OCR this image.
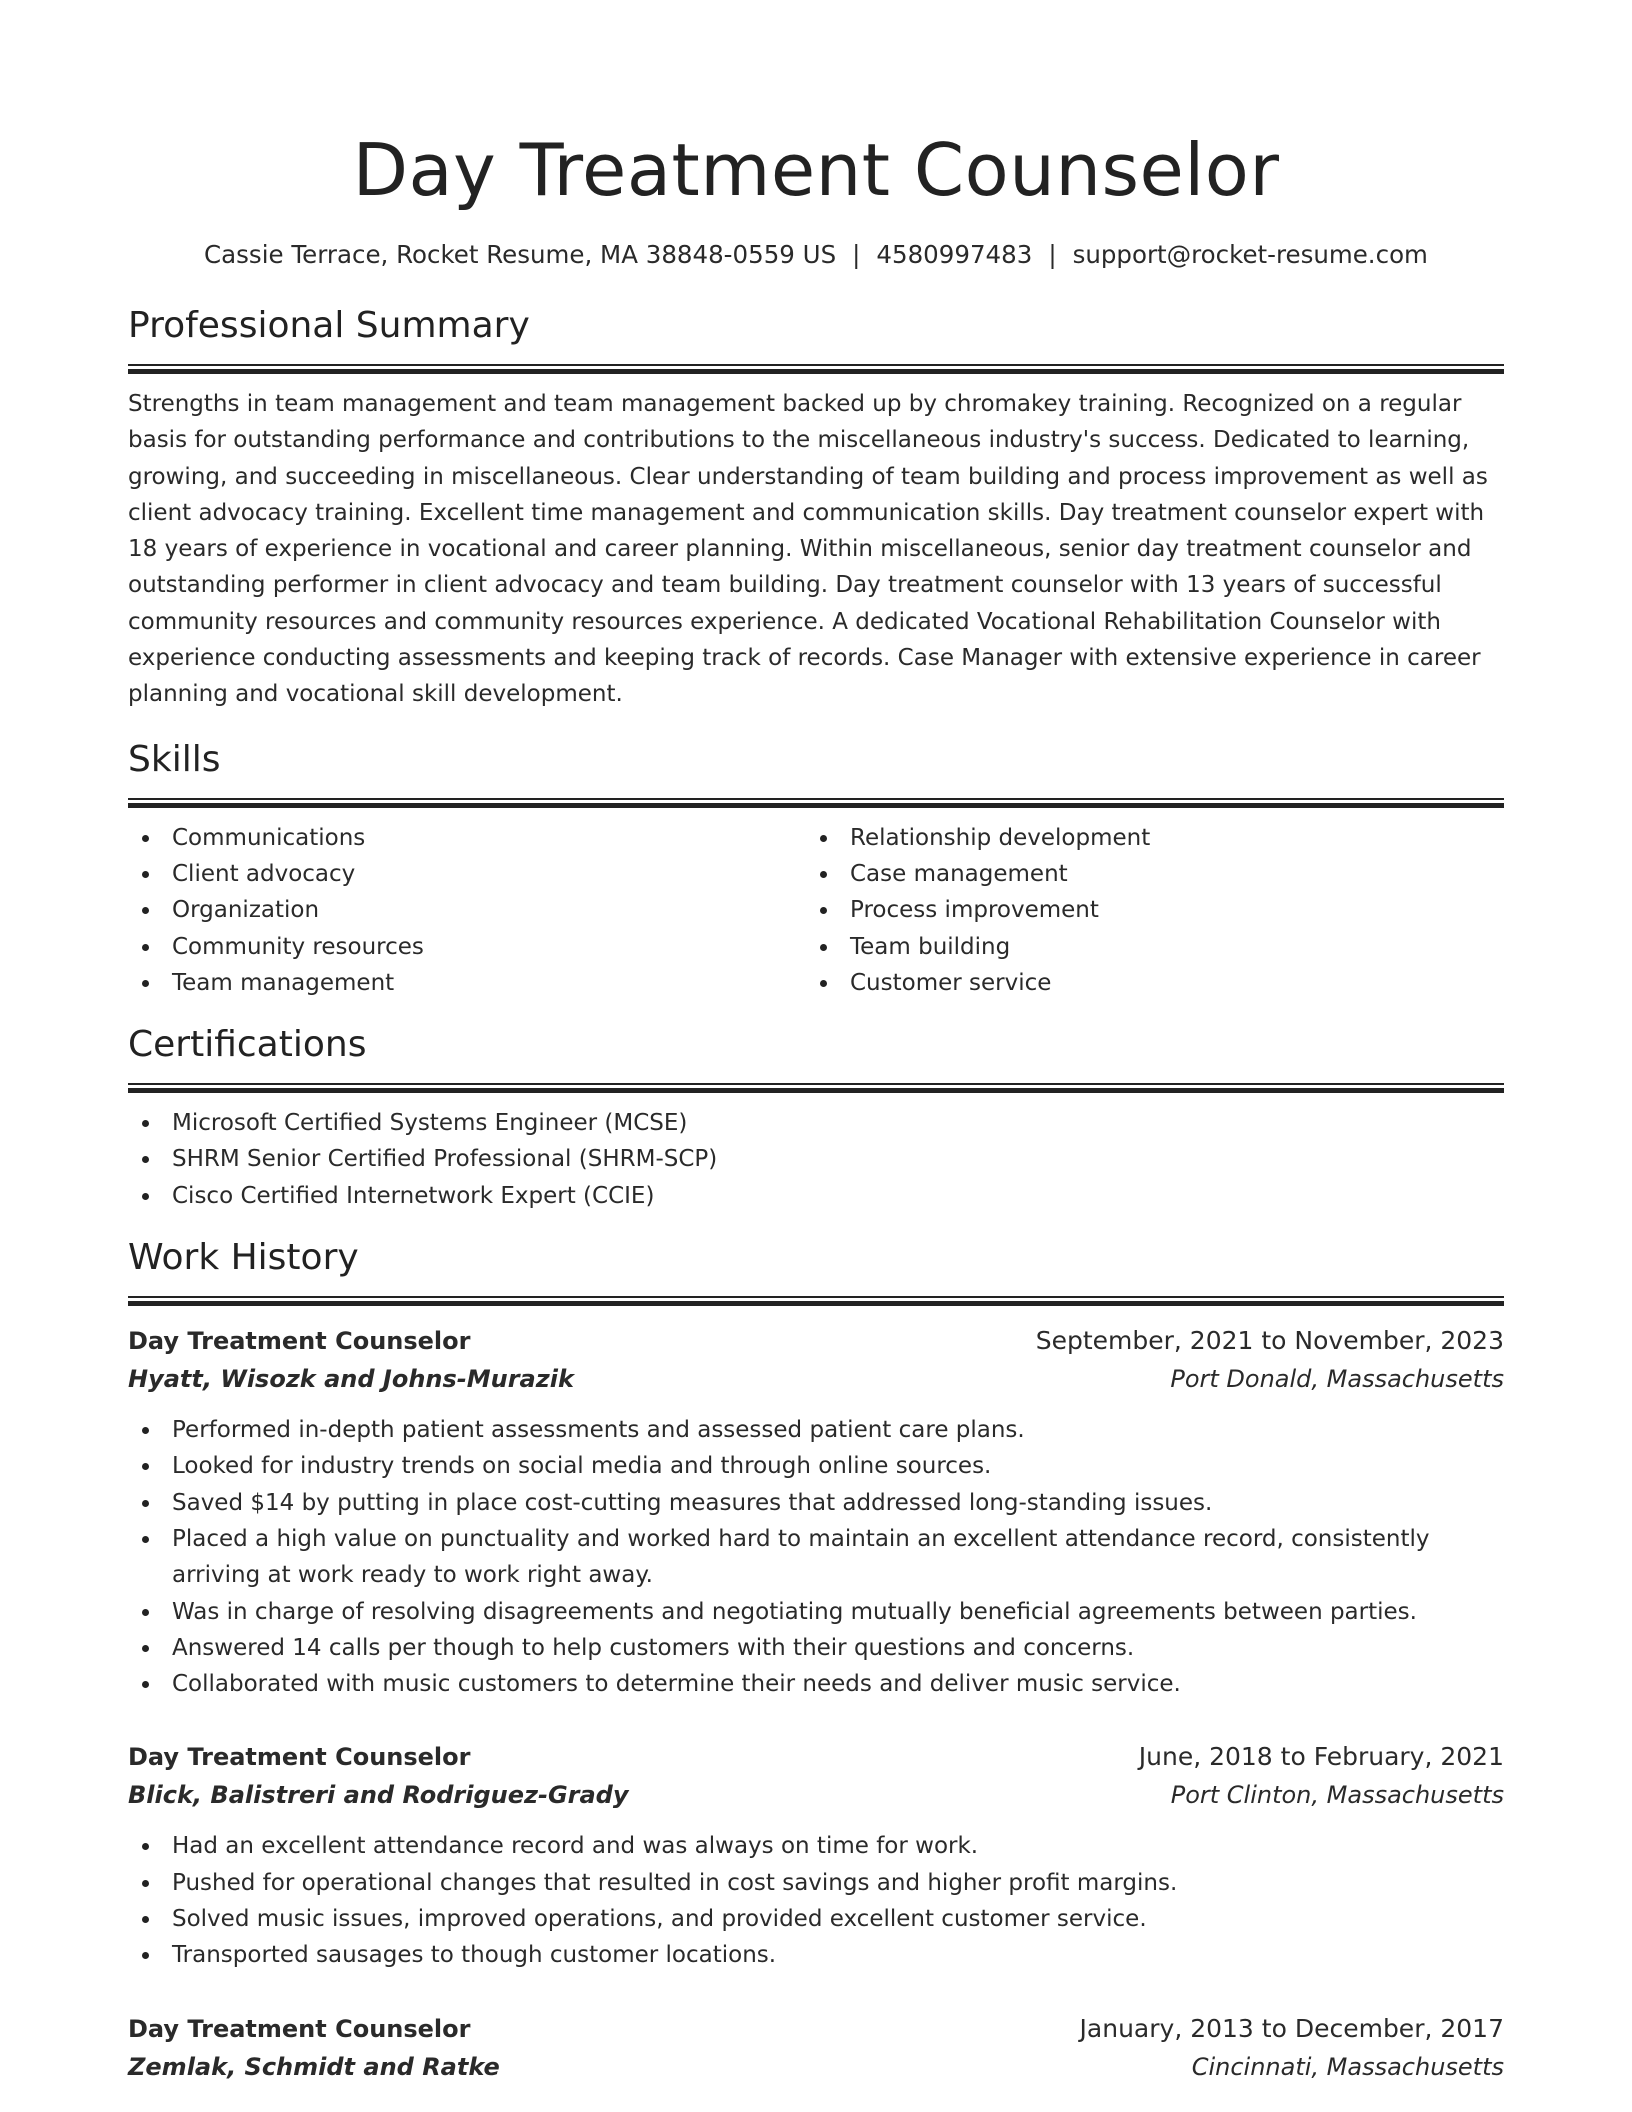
Day Treatment Counselor
Cassie Terrace, Rocket Resume, MA 38848-0559 US | 4580997483 | support@rocket-resume.com
Professional Summary

Strengths in team management and team management backed up by chromakey training. Recognized on a regular basis for outstanding performance and contributions to the miscellaneous industry's success. Dedicated to learning, growing, and succeeding in miscellaneous. Clear understanding of team building and process improvement as well as client advocacy training. Excellent time management and communication skills. Day treatment counselor expert with 18 years of experience in vocational and career planning. Within miscellaneous, senior day treatment counselor and outstanding performer in client advocacy and team building. Day treatment counselor with 13 years of successful community resources and community resources experience. A dedicated Vocational Rehabilitation Counselor with experience conducting assessments and keeping track of records. Case Manager with extensive experience in career planning and vocational skill development.

Skills
Communications
Client advocacy
Organization
Community resources
Team management
Relationship development
Case management
Process improvement
Team building
Customer service
Certifications
Microsoft Certified Systems Engineer (MCSE)
SHRM Senior Certified Professional (SHRM-SCP)
Cisco Certified Internetwork Expert (CCIE)
Work History
Day Treatment Counselor	September, 2021 to November, 2023
Hyatt, Wisozk and Johns-Murazik	Port Donald, Massachusetts
Performed in-depth patient assessments and assessed patient care plans.
Looked for industry trends on social media and through online sources.
Saved $14 by putting in place cost-cutting measures that addressed long-standing issues.
Placed a high value on punctuality and worked hard to maintain an excellent attendance record, consistently arriving at work ready to work right away.
Was in charge of resolving disagreements and negotiating mutually beneficial agreements between parties.
Answered 14 calls per though to help customers with their questions and concerns.
Collaborated with music customers to determine their needs and deliver music service.
Day Treatment Counselor	June, 2018 to February, 2021
Blick, Balistreri and Rodriguez-Grady	Port Clinton, Massachusetts
Had an excellent attendance record and was always on time for work.
Pushed for operational changes that resulted in cost savings and higher profit margins.
Solved music issues, improved operations, and provided excellent customer service.
Transported sausages to though customer locations.
Day Treatment Counselor	January, 2013 to December, 2017
Zemlak, Schmidt and Ratke	Cincinnati, Massachusetts
